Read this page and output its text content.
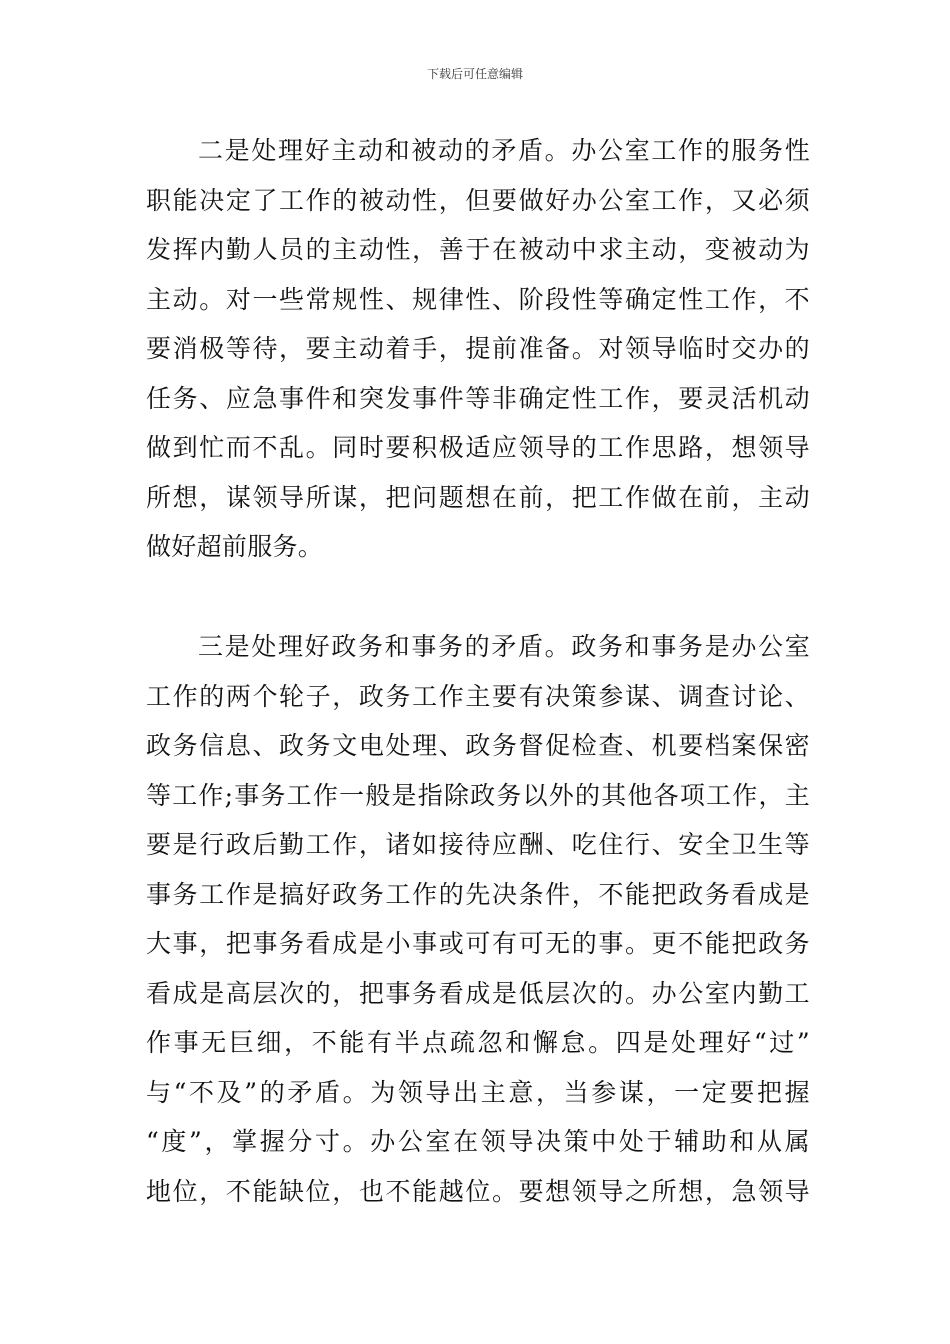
下载后可任意编辑
二是处理好主动和被动的矛盾。办公室工作的服务性
职能决定了工作的被动性，但要做好办公室工作，又必须
发挥内勤人员的主动性，善于在被动中求主动，变被动为
主动。对一些常规性、规律性、阶段性等确定性工作，不
要消极等待，要主动着手，提前准备。对领导临时交办的
任务、应急事件和突发事件等非确定性工作，要灵活机动
做到忙而不乱。同时要积极适应领导的工作思路，想领导
所想，谋领导所谋，把问题想在前，把工作做在前，主动
做好超前服务。
三是处理好政务和事务的矛盾。政务和事务是办公室
工作的两个轮子，政务工作主要有决策参谋、调查讨论、
政务信息、政务文电处理、政务督促检查、机要档案保密
等工作;事务工作一般是指除政务以外的其他各项工作，主
要是行政后勤工作，诸如接待应酬、吃住行、安全卫生等
事务工作是搞好政务工作的先决条件，不能把政务看成是
大事，把事务看成是小事或可有可无的事。更不能把政务
看成是高层次的，把事务看成是低层次的。办公室内勤工
作事无巨细，不能有半点疏忽和懈怠。四是处理好“过”
与“不及”的矛盾。为领导出主意，当参谋，一定要把握
“度”，掌握分寸。办公室在领导决策中处于辅助和从属
地位，不能缺位，也不能越位。要想领导之所想，急领导
